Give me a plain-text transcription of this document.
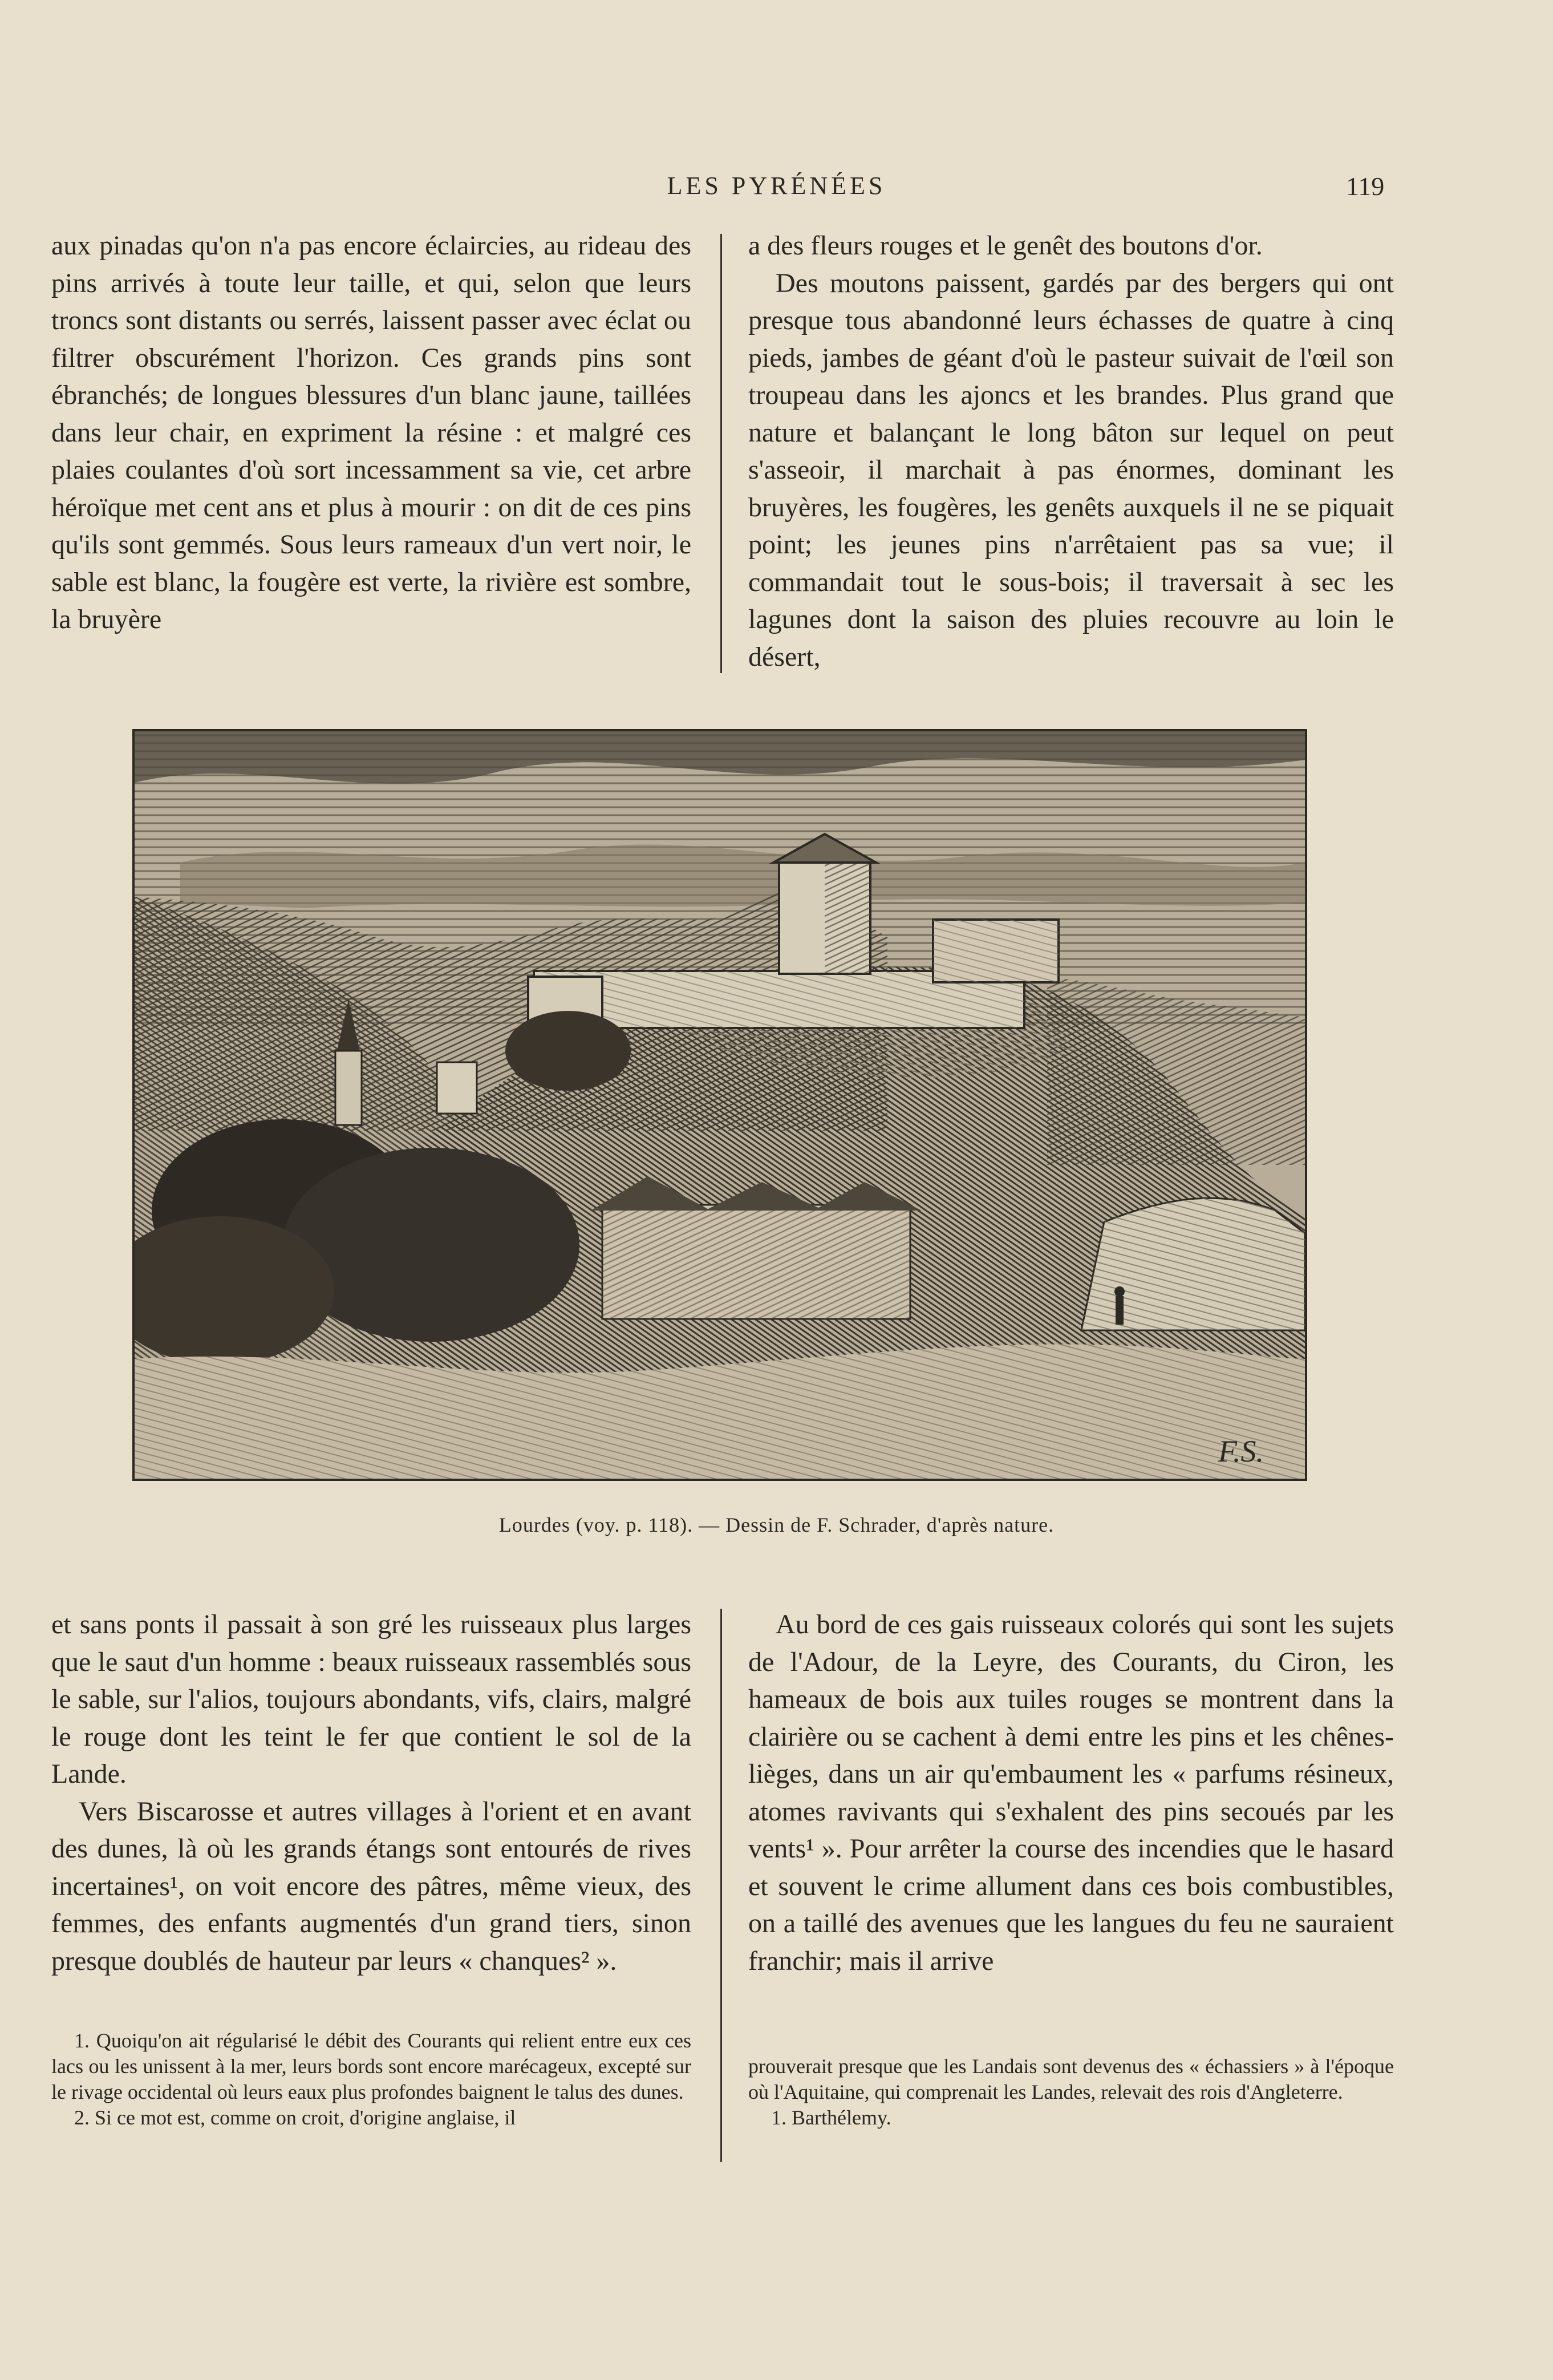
LES PYRÉNÉES	119

aux pinadas qu'on n'a pas encore éclaircies, au rideau des pins arrivés à toute leur taille, et qui, selon que leurs troncs sont distants ou serrés, laissent passer avec éclat ou filtrer obscurément l'horizon. Ces grands pins sont ébranchés; de longues blessures d'un blanc jaune, taillées dans leur chair, en expriment la résine : et malgré ces plaies coulantes d'où sort incessamment sa vie, cet arbre héroïque met cent ans et plus à mourir : on dit de ces pins qu'ils sont gemmés. Sous leurs rameaux d'un vert noir, le sable est blanc, la fougère est verte, la rivière est sombre, la bruyère

a des fleurs rouges et le genêt des boutons d'or.

Des moutons paissent, gardés par des bergers qui ont presque tous abandonné leurs échasses de quatre à cinq pieds, jambes de géant d'où le pasteur suivait de l'œil son troupeau dans les ajoncs et les brandes. Plus grand que nature et balançant le long bâton sur lequel on peut s'asseoir, il marchait à pas énormes, dominant les bruyères, les fougères, les genêts auxquels il ne se piquait point; les jeunes pins n'arrêtaient pas sa vue; il commandait tout le sous-bois; il traversait à sec les lagunes dont la saison des pluies recouvre au loin le désert,

F.S.
Lourdes (voy. p. 118). — Dessin de F. Schrader, d'après nature.

et sans ponts il passait à son gré les ruisseaux plus larges que le saut d'un homme : beaux ruisseaux rassemblés sous le sable, sur l'alios, toujours abondants, vifs, clairs, malgré le rouge dont les teint le fer que contient le sol de la Lande.

Vers Biscarosse et autres villages à l'orient et en avant des dunes, là où les grands étangs sont entourés de rives incertaines¹, on voit encore des pâtres, même vieux, des femmes, des enfants augmentés d'un grand tiers, sinon presque doublés de hauteur par leurs « chanques² ».

Au bord de ces gais ruisseaux colorés qui sont les sujets de l'Adour, de la Leyre, des Courants, du Ciron, les hameaux de bois aux tuiles rouges se montrent dans la clairière ou se cachent à demi entre les pins et les chênes-lièges, dans un air qu'embaument les « parfums résineux, atomes ravivants qui s'exhalent des pins secoués par les vents¹ ». Pour arrêter la course des incendies que le hasard et souvent le crime allument dans ces bois combustibles, on a taillé des avenues que les langues du feu ne sauraient franchir; mais il arrive

1. Quoiqu'on ait régularisé le débit des Courants qui relient entre eux ces lacs ou les unissent à la mer, leurs bords sont encore marécageux, excepté sur le rivage occidental où leurs eaux plus profondes baignent le talus des dunes.

2. Si ce mot est, comme on croit, d'origine anglaise, il

prouverait presque que les Landais sont devenus des « échassiers » à l'époque où l'Aquitaine, qui comprenait les Landes, relevait des rois d'Angleterre.

1. Barthélemy.
